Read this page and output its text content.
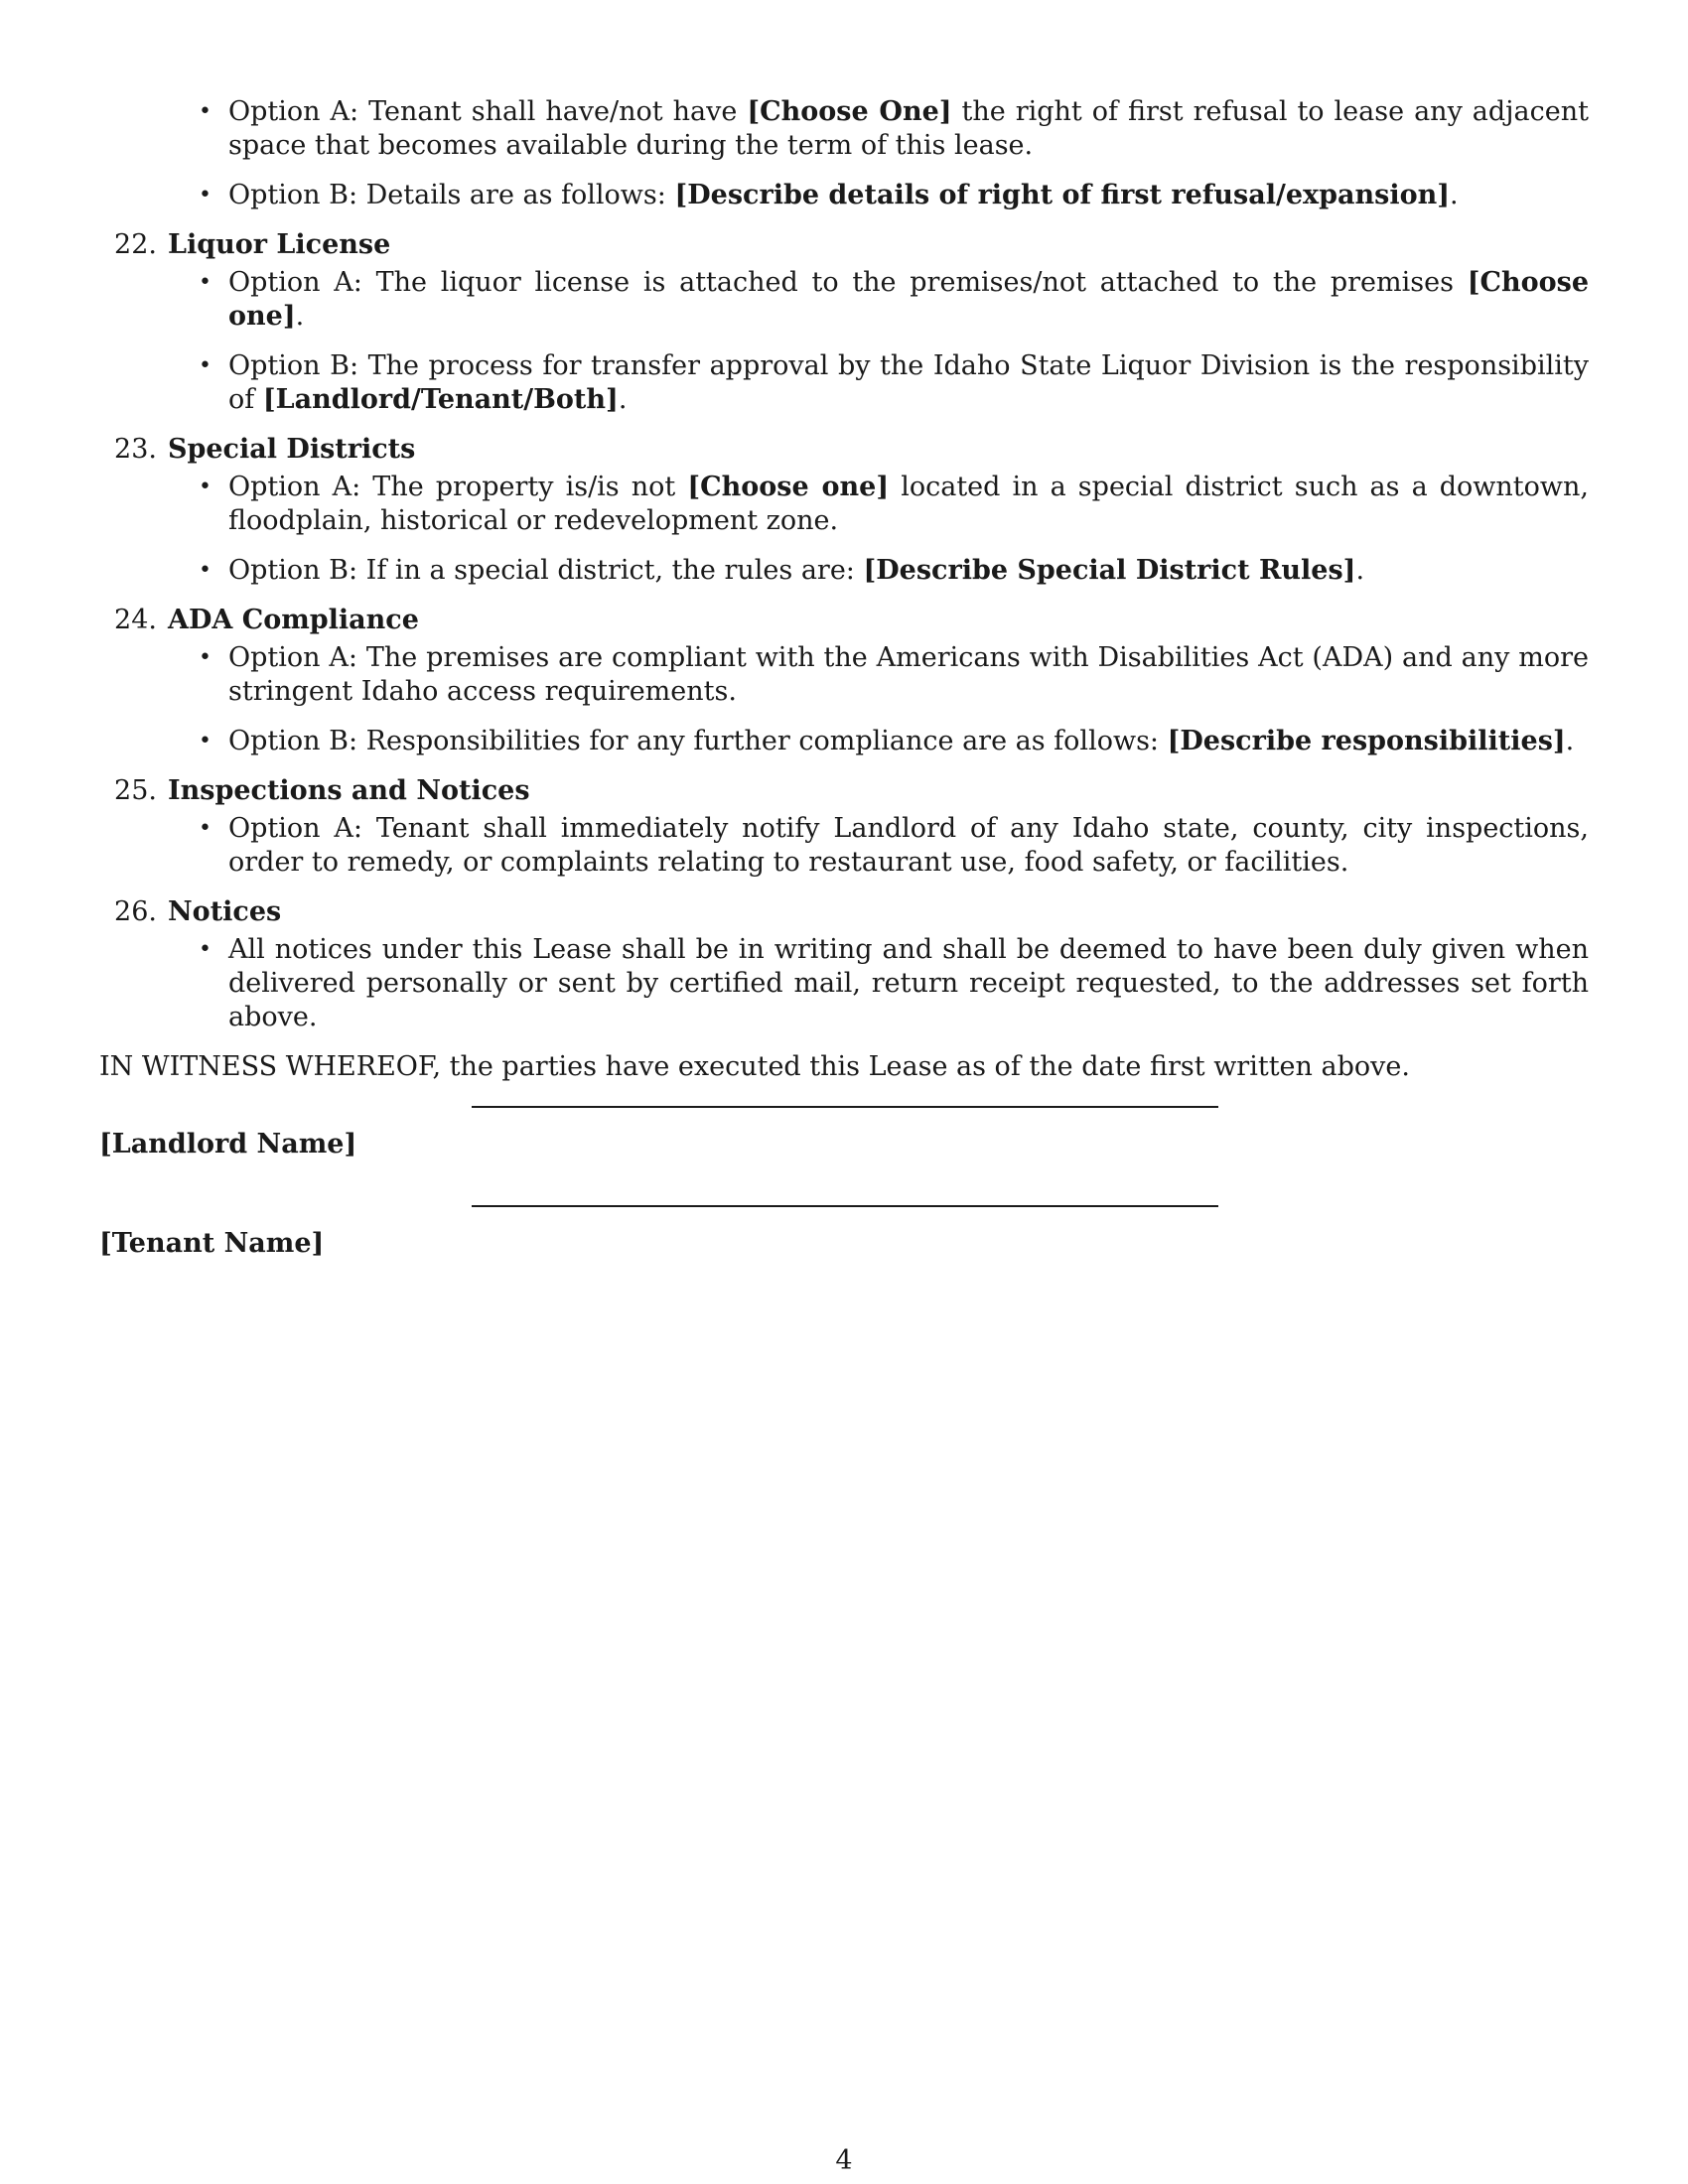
• Option A: Tenant shall have/not have [Choose One] the right of first refusal to lease any adjacent space that becomes available during the term of this lease.
• Option B: Details are as follows: [Describe details of right of first refusal/expansion].
22. Liquor License
• Option A: The liquor license is attached to the premises/not attached to the premises [Choose one].
• Option B: The process for transfer approval by the Idaho State Liquor Division is the responsibility of [Landlord/Tenant/Both].
23. Special Districts
• Option A: The property is/is not [Choose one] located in a special district such as a downtown, floodplain, historical or redevelopment zone.
• Option B: If in a special district, the rules are: [Describe Special District Rules].
24. ADA Compliance
• Option A: The premises are compliant with the Americans with Disabilities Act (ADA) and any more stringent Idaho access requirements.
• Option B: Responsibilities for any further compliance are as follows: [Describe responsibilities].
25. Inspections and Notices
• Option A: Tenant shall immediately notify Landlord of any Idaho state, county, city inspections, order to remedy, or complaints relating to restaurant use, food safety, or facilities.
26. Notices
• All notices under this Lease shall be in writing and shall be deemed to have been duly given when delivered personally or sent by certified mail, return receipt requested, to the addresses set forth above.
IN WITNESS WHEREOF, the parties have executed this Lease as of the date first written above.
[Landlord Name]
[Tenant Name]
4
